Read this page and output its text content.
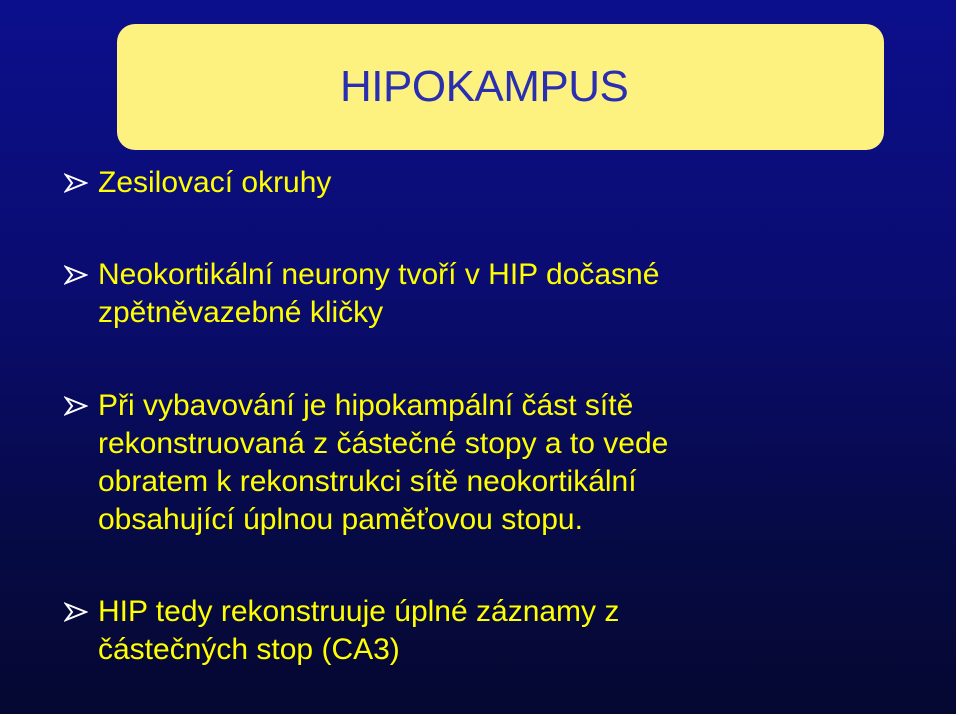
HIPOKAMPUS
Zesilovací okruhy
Neokortikální neurony tvoří v HIP dočasné
zpětněvazebné kličky
Při vybavování je hipokampální část sítě
rekonstruovaná z částečné stopy a to vede
obratem k rekonstrukci sítě neokortikální
obsahující úplnou paměťovou stopu.
HIP tedy rekonstruuje úplné záznamy z
částečných stop (CA3)
